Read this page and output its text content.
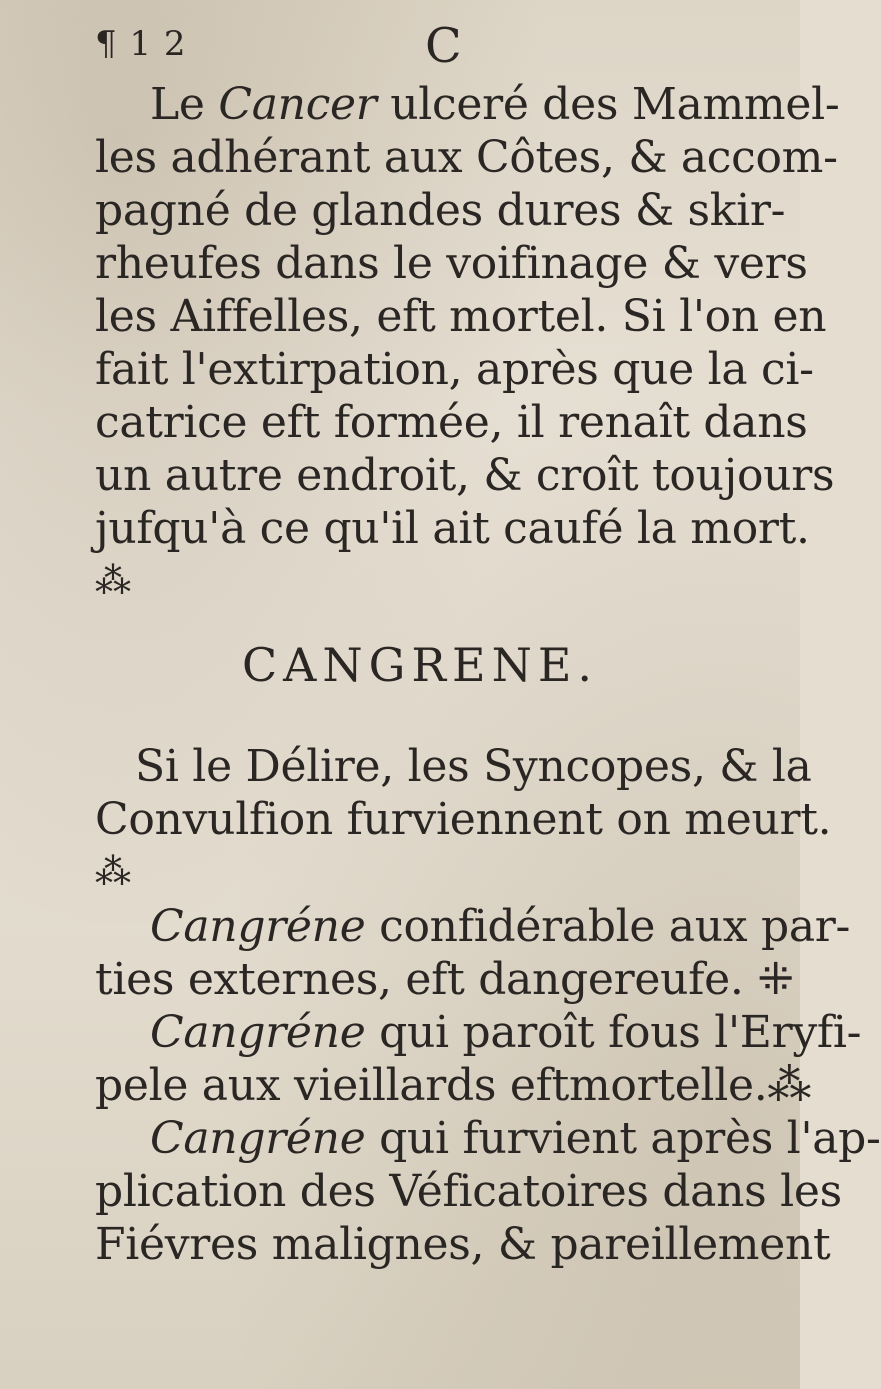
¶ 1 2	C
Le Cancer ulceré des Mammel-
les adhérant aux Côtes, & accom-
pagné de glandes dures & skir-
rheufes dans le voifinage & vers
les Aiffelles, eft mortel. Si l'on en
fait l'extirpation, après que la ci-
catrice eft formée, il renaît dans
un autre endroit, & croît toujours
jufqu'à ce qu'il ait caufé la mort.
⁂
CANGRENE.
Si le Délire, les Syncopes, & la
Convulfion furviennent on meurt.
⁂
Cangréne confidérable aux par-
ties externes, eft dangereufe. ⁜
Cangréne qui paroît fous l'Eryfi-
pele aux vieillards eftmortelle.⁂
Cangréne qui furvient après l'ap-
plication des Véficatoires dans les
Fiévres malignes, & pareillement
